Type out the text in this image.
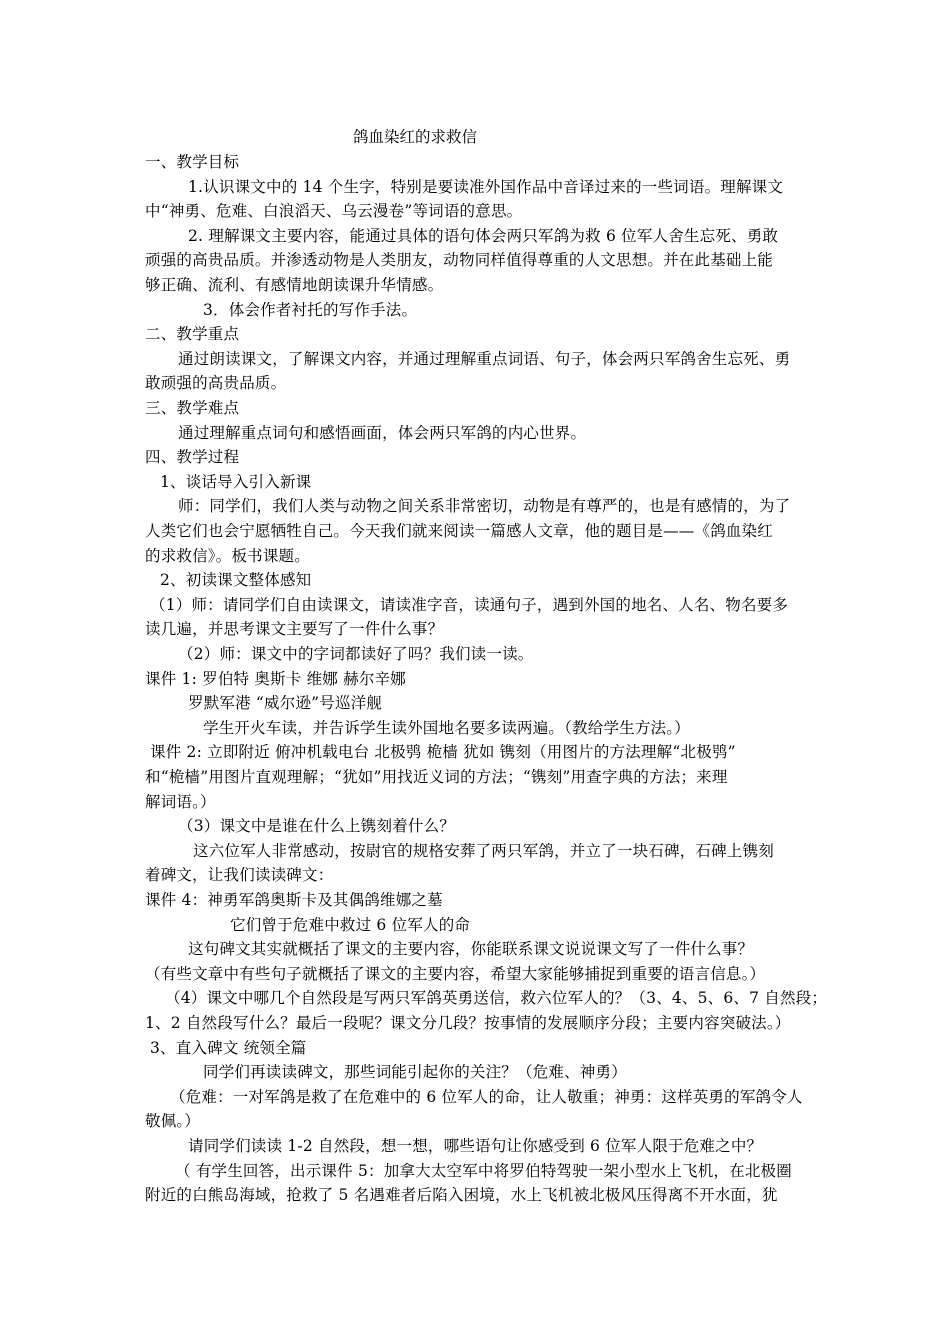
鸽血染红的求救信
一、教学目标
1.认识课文中的 14 个生字，特别是要读准外国作品中音译过来的一些词语。理解课文
中“神勇、危难、白浪滔天、乌云漫卷”等词语的意思。
2. 理解课文主要内容，能通过具体的语句体会两只军鸽为救 6 位军人舍生忘死、勇敢
顽强的高贵品质。并渗透动物是人类朋友，动物同样值得尊重的人文思想。并在此基础上能
够正确、流利、有感情地朗读课升华情感。
3．体会作者衬托的写作手法。
二、教学重点
通过朗读课文，了解课文内容，并通过理解重点词语、句子，体会两只军鸽舍生忘死、勇
敢顽强的高贵品质。
三、教学难点
通过理解重点词句和感悟画面，体会两只军鸽的内心世界。
四、教学过程
1、谈话导入引入新课
师：同学们，我们人类与动物之间关系非常密切，动物是有尊严的，也是有感情的，为了
人类它们也会宁愿牺牲自己。今天我们就来阅读一篇感人文章，他的题目是——《鸽血染红
的求救信》。板书课题。
2、初读课文整体感知
（1）师：请同学们自由读课文，请读准字音，读通句子，遇到外国的地名、人名、物名要多
读几遍，并思考课文主要写了一件什么事？
（2）师：课文中的字词都读好了吗？我们读一读。
课件 1: 罗伯特 奥斯卡 维娜 赫尔辛娜
罗默军港 “威尔逊”号巡洋舰
学生开火车读，并告诉学生读外国地名要多读两遍。（教给学生方法。）
课件 2: 立即附近 俯冲机载电台 北极鸮 桅樯 犹如 镌刻（用图片的方法理解“北极鸮”
和“桅樯”用图片直观理解；“犹如”用找近义词的方法；“镌刻”用查字典的方法；来理
解词语。）
（3）课文中是谁在什么上镌刻着什么？
这六位军人非常感动，按尉官的规格安葬了两只军鸽，并立了一块石碑，石碑上镌刻
着碑文，让我们读读碑文：
课件 4：神勇军鸽奥斯卡及其偶鸽维娜之墓
它们曾于危难中救过 6 位军人的命
这句碑文其实就概括了课文的主要内容，你能联系课文说说课文写了一件什么事？
（有些文章中有些句子就概括了课文的主要内容，希望大家能够捕捉到重要的语言信息。）
（4）课文中哪几个自然段是写两只军鸽英勇送信，救六位军人的？（3、4、5、6、7 自然段；
1、2 自然段写什么？最后一段呢？课文分几段？按事情的发展顺序分段；主要内容突破法。）
3、直入碑文 统领全篇
同学们再读读碑文，那些词能引起你的关注？（危难、神勇）
（危难：一对军鸽是救了在危难中的 6 位军人的命，让人敬重；神勇：这样英勇的军鸽令人
敬佩。）
请同学们读读 1-2 自然段，想一想，哪些语句让你感受到 6 位军人限于危难之中？
（ 有学生回答，出示课件 5：加拿大太空军中将罗伯特驾驶一架小型水上飞机，在北极圈
附近的白熊岛海域，抢救了 5 名遇难者后陷入困境，水上飞机被北极风压得离不开水面，犹
